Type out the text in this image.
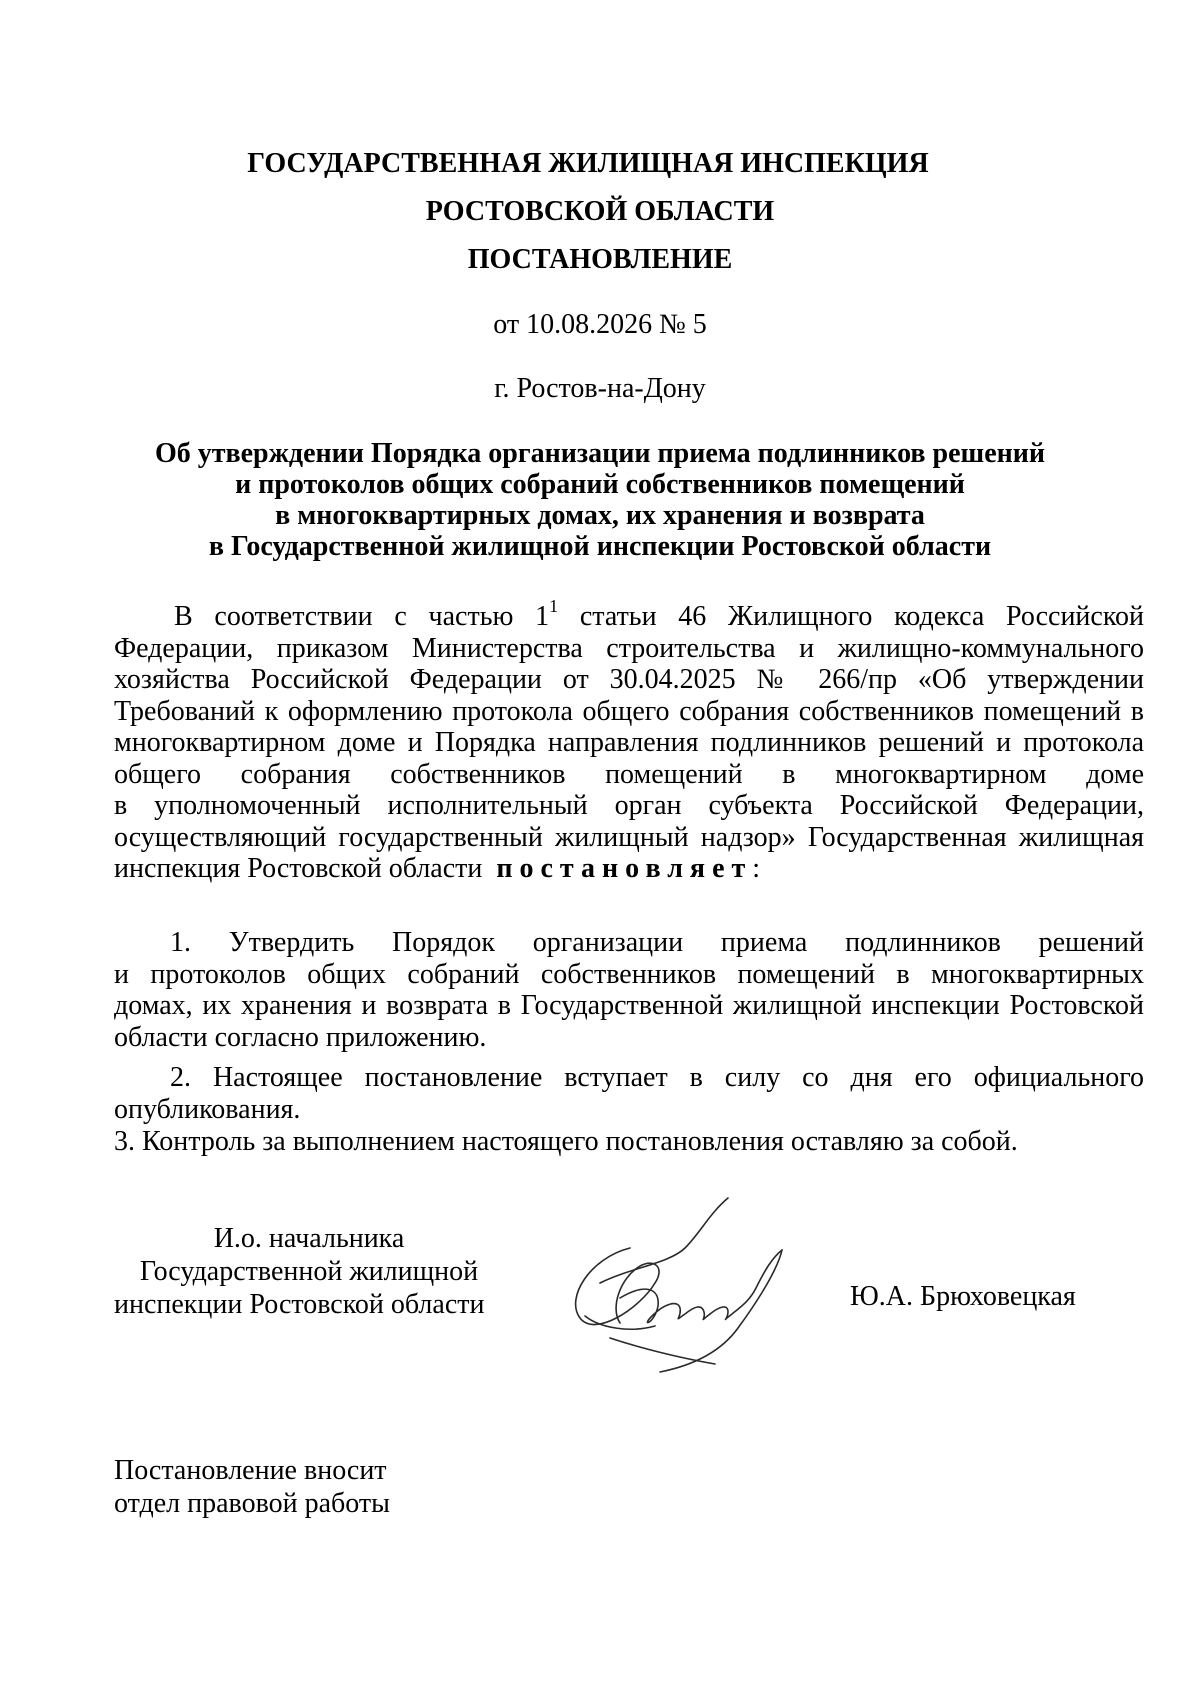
ГОСУДАРСТВЕННАЯ ЖИЛИЩНАЯ ИНСПЕКЦИЯ
РОСТОВСКОЙ ОБЛАСТИ
ПОСТАНОВЛЕНИЕ
от 10.08.2026 № 5
г. Ростов-на-Дону
Об утверждении Порядка организации приема подлинников решений
и протоколов общих собраний собственников помещений
в многоквартирных домах, их хранения и возврата
в Государственной жилищной инспекции Ростовской области
В соответствии с частью $1^1$ статьи 46 Жилищного кодекса Российской
Федерации, приказом Министерства строительства и жилищно-коммунального
хозяйства Российской Федерации от 30.04.2025 № 266/пр «Об утверждении
Требований к оформлению протокола общего собрания собственников помещений в
многоквартирном доме и Порядка направления подлинников решений и протокола
общего собрания собственников помещений в многоквартирном доме
в уполномоченный исполнительный орган субъекта Российской Федерации,
осуществляющий государственный жилищный надзор» Государственная жилищная
инспекция Ростовской области постановляет:
1. Утвердить Порядок организации приема подлинников решений
и протоколов общих собраний собственников помещений в многоквартирных
домах, их хранения и возврата в Государственной жилищной инспекции Ростовской
области согласно приложению.
2. Настоящее постановление вступает в силу со дня его официального
опубликования.
3. Контроль за выполнением настоящего постановления оставляю за собой.
И.о. начальника
Государственной жилищной
инспекции Ростовской области	Ю.А. Брюховецкая
Постановление вносит
отдел правовой работы
